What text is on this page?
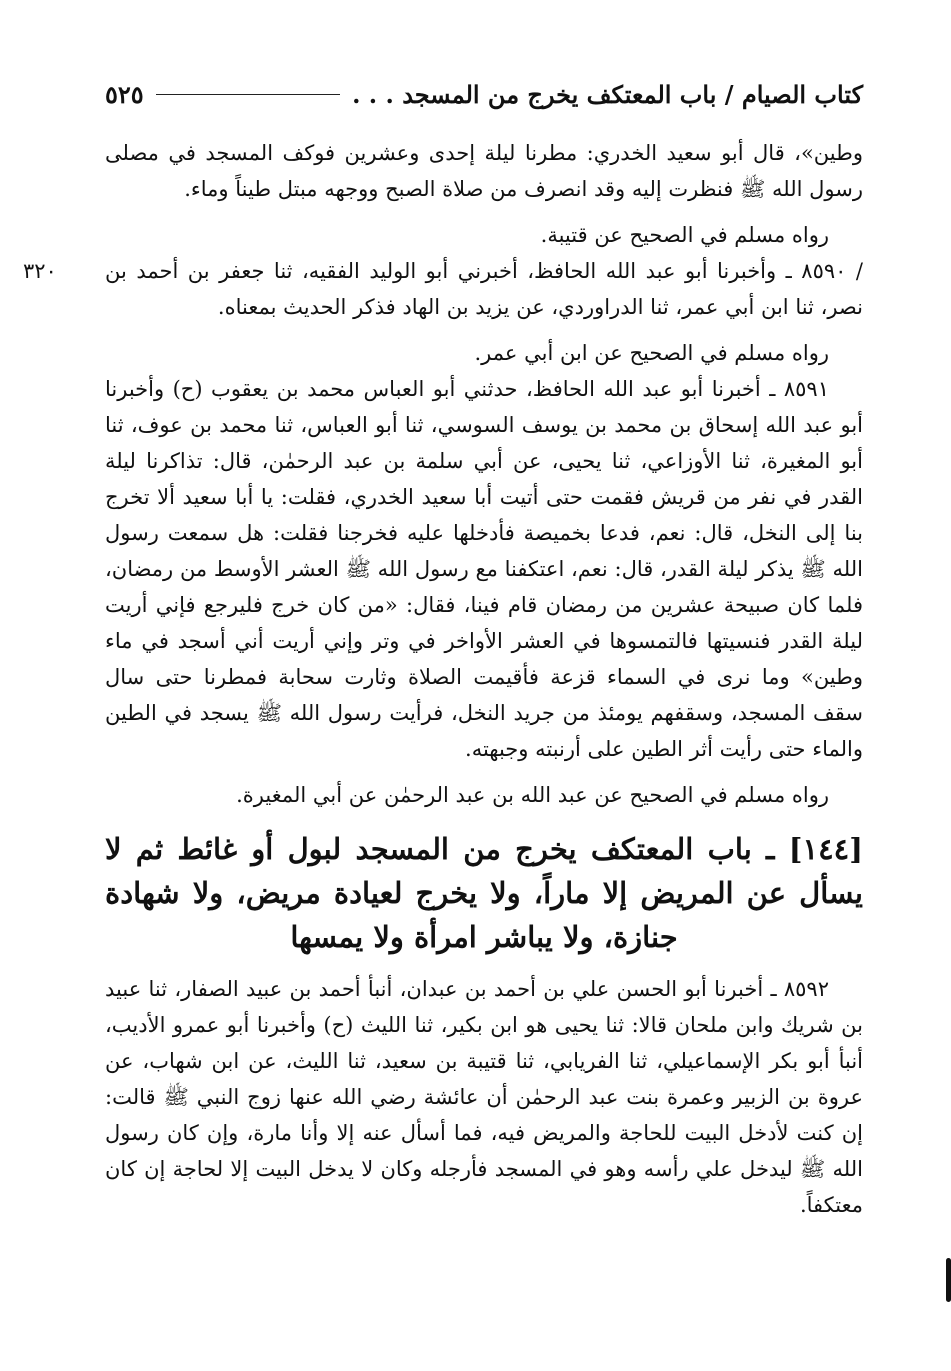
كتاب الصيام / باب المعتكف يخرج من المسجد . . .
٥٢٥

وطين»، قال أبو سعيد الخدري: مطرنا ليلة إحدى وعشرين فوكف المسجد في مصلى رسول الله ﷺ فنظرت إليه وقد انصرف من صلاة الصبح ووجهه مبتل طيناً وماء.

رواه مسلم في الصحيح عن قتيبة.

/ ٨٥٩٠ ـ وأخبرنا أبو عبد الله الحافظ، أخبرني أبو الوليد الفقيه، ثنا جعفر بن أحمد بن نصر، ثنا ابن أبي عمر، ثنا الدراوردي، عن يزيد بن الهاد فذكر الحديث بمعناه.

٣٢٠

رواه مسلم في الصحيح عن ابن أبي عمر.

٨٥٩١ ـ أخبرنا أبو عبد الله الحافظ، حدثني أبو العباس محمد بن يعقوب (ح) وأخبرنا أبو عبد الله إسحاق بن محمد بن يوسف السوسي، ثنا أبو العباس، ثنا محمد بن عوف، ثنا أبو المغيرة، ثنا الأوزاعي، ثنا يحيى، عن أبي سلمة بن عبد الرحمٰن، قال: تذاكرنا ليلة القدر في نفر من قريش فقمت حتى أتيت أبا سعيد الخدري، فقلت: يا أبا سعيد ألا تخرج بنا إلى النخل، قال: نعم، فدعا بخميصة فأدخلها عليه فخرجنا فقلت: هل سمعت رسول الله ﷺ يذكر ليلة القدر، قال: نعم، اعتكفنا مع رسول الله ﷺ العشر الأوسط من رمضان، فلما كان صبيحة عشرين من رمضان قام فينا، فقال: «من كان خرج فليرجع فإني أريت ليلة القدر فنسيتها فالتمسوها في العشر الأواخر في وتر وإني أريت أني أسجد في ماء وطين» وما نرى في السماء قزعة فأقيمت الصلاة وثارت سحابة فمطرنا حتى سال سقف المسجد، وسقفهم يومئذ من جريد النخل، فرأيت رسول الله ﷺ يسجد في الطين والماء حتى رأيت أثر الطين على أرنبته وجبهته.

رواه مسلم في الصحيح عن عبد الله بن عبد الرحمٰن عن أبي المغيرة.

[١٤٤] ـ باب المعتكف يخرج من المسجد لبول أو غائط ثم لا يسأل عن المريض إلا ماراً، ولا يخرج لعيادة مريض، ولا شهادة جنازة، ولا يباشر امرأة ولا يمسها

٨٥٩٢ ـ أخبرنا أبو الحسن علي بن أحمد بن عبدان، أنبأ أحمد بن عبيد الصفار، ثنا عبيد بن شريك وابن ملحان قالا: ثنا يحيى هو ابن بكير، ثنا الليث (ح) وأخبرنا أبو عمرو الأديب، أنبأ أبو بكر الإسماعيلي، ثنا الفريابي، ثنا قتيبة بن سعيد، ثنا الليث، عن ابن شهاب، عن عروة بن الزبير وعمرة بنت عبد الرحمٰن أن عائشة رضي الله عنها زوج النبي ﷺ قالت: إن كنت لأدخل البيت للحاجة والمريض فيه، فما أسأل عنه إلا وأنا مارة، وإن كان رسول الله ﷺ ليدخل علي رأسه وهو في المسجد فأرجله وكان لا يدخل البيت إلا لحاجة إن كان معتكفاً.
